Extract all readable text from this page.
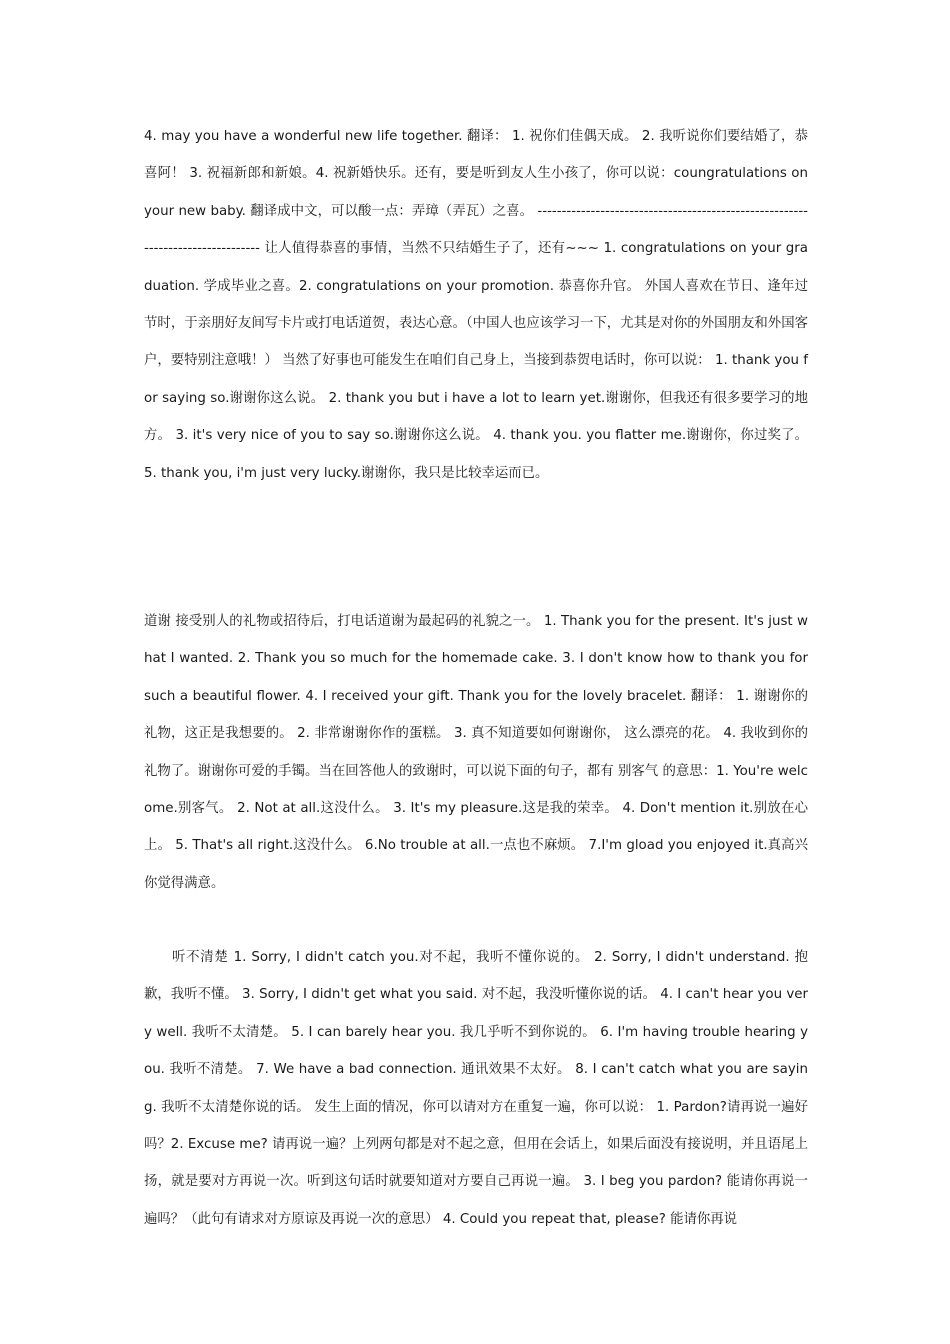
4. may you have a wonderful new life together. 翻译： 1. 祝你们佳偶天成。 2. 我听说你们要结婚了，恭喜阿！ 3. 祝福新郎和新娘。4. 祝新婚快乐。还有，要是听到友人生小孩了，你可以说：coungratulations on your new baby. 翻译成中文，可以酸一点：弄璋（弄瓦）之喜。 -------------------------------------------------------------------------------- 让人值得恭喜的事情，当然不只结婚生子了，还有~~~ 1. congratulations on your graduation. 学成毕业之喜。2. congratulations on your promotion. 恭喜你升官。 外国人喜欢在节日、逢年过节时，于亲朋好友间写卡片或打电话道贺，表达心意。（中国人也应该学习一下，尤其是对你的外国朋友和外国客户，要特别注意哦！） 当然了好事也可能发生在咱们自己身上，当接到恭贺电话时，你可以说： 1. thank you for saying so.谢谢你这么说。 2. thank you but i have a lot to learn yet.谢谢你，但我还有很多要学习的地方。 3. it's very nice of you to say so.谢谢你这么说。 4. thank you. you flatter me.谢谢你，你过奖了。 5. thank you, i'm just very lucky.谢谢你，我只是比较幸运而已。

道谢 接受别人的礼物或招待后，打电话道谢为最起码的礼貌之一。 1. Thank you for the present. It's just what I wanted. 2. Thank you so much for the homemade cake. 3. I don't know how to thank you for such a beautiful flower. 4. I received your gift. Thank you for the lovely bracelet. 翻译： 1. 谢谢你的礼物，这正是我想要的。 2. 非常谢谢你作的蛋糕。 3. 真不知道要如何谢谢你， 这么漂亮的花。 4. 我收到你的礼物了。谢谢你可爱的手镯。当在回答他人的致谢时，可以说下面的句子，都有 别客气 的意思：1. You're welcome.别客气。 2. Not at all.这没什么。 3. It's my pleasure.这是我的荣幸。 4. Don't mention it.别放在心上。 5. That's all right.这没什么。 6.No trouble at all.一点也不麻烦。 7.I'm gload you enjoyed it.真高兴你觉得满意。

听不清楚 1. Sorry, I didn't catch you.对不起，我听不懂你说的。 2. Sorry, I didn't understand. 抱歉，我听不懂。 3. Sorry, I didn't get what you said. 对不起，我没听懂你说的话。 4. I can't hear you very well. 我听不太清楚。 5. I can barely hear you. 我几乎听不到你说的。 6. I'm having trouble hearing you. 我听不清楚。 7. We have a bad connection. 通讯效果不太好。 8. I can't catch what you are saying. 我听不太清楚你说的话。 发生上面的情况，你可以请对方在重复一遍，你可以说： 1. Pardon?请再说一遍好吗？2. Excuse me? 请再说一遍？上列两句都是对不起之意，但用在会话上，如果后面没有接说明，并且语尾上扬，就是要对方再说一次。听到这句话时就要知道对方要自己再说一遍。 3. I beg you pardon? 能请你再说一遍吗？（此句有请求对方原谅及再说一次的意思） 4. Could you repeat that, please? 能请你再说
